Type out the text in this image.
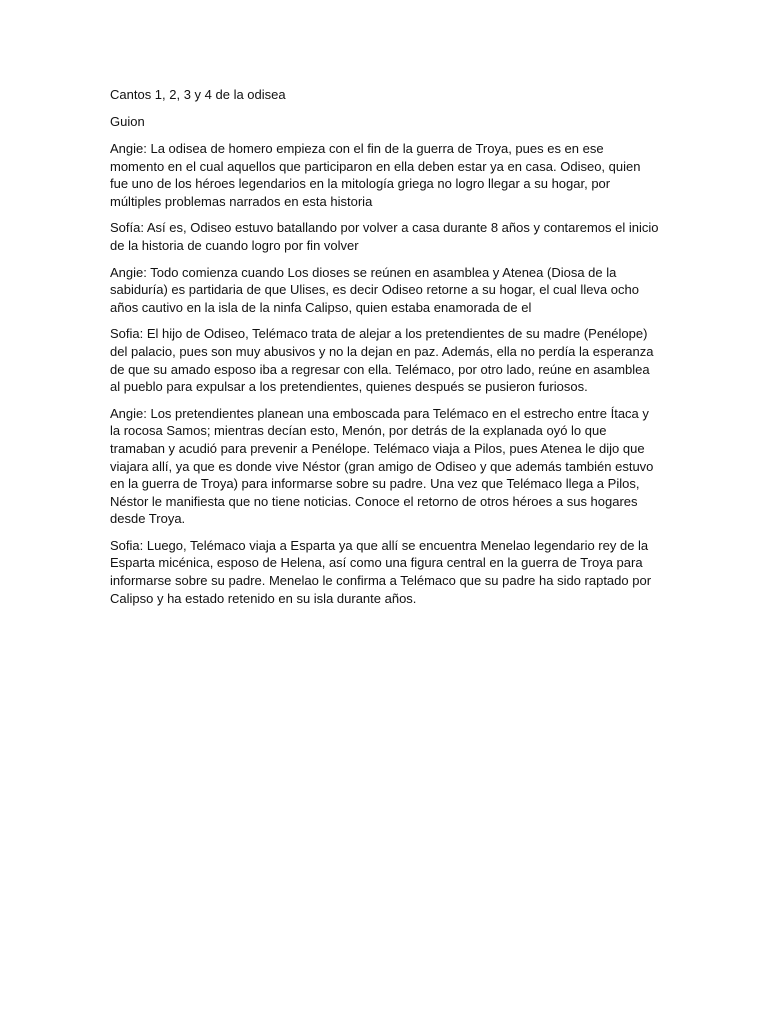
Cantos 1, 2, 3 y 4 de la odisea

Guion

Angie: La odisea de homero empieza con el fin de la guerra de Troya, pues es en ese momento en el cual aquellos que participaron en ella deben estar ya en casa. Odiseo, quien fue uno de los héroes legendarios en la mitología griega no logro llegar a su hogar, por múltiples problemas narrados en esta historia

Sofía: Así es, Odiseo estuvo batallando por volver a casa durante 8 años y contaremos el inicio de la historia de cuando logro por fin volver

Angie: Todo comienza cuando Los dioses se reúnen en asamblea y Atenea (Diosa de la sabiduría) es partidaria de que Ulises, es decir Odiseo retorne a su hogar, el cual lleva ocho años cautivo en la isla de la ninfa Calipso, quien estaba enamorada de el

Sofia: El hijo de Odiseo, Telémaco trata de alejar a los pretendientes de su madre (Penélope) del palacio, pues son muy abusivos y no la dejan en paz. Además, ella no perdía la esperanza de que su amado esposo iba a regresar con ella. Telémaco, por otro lado, reúne en asamblea al pueblo para expulsar a los pretendientes, quienes después se pusieron furiosos.

Angie: Los pretendientes planean una emboscada para Telémaco en el estrecho entre Ítaca y la rocosa Samos; mientras decían esto, Menón, por detrás de la explanada oyó lo que tramaban y acudió para prevenir a Penélope. Telémaco viaja a Pilos, pues Atenea le dijo que viajara allí, ya que es donde vive Néstor (gran amigo de Odiseo y que además también estuvo en la guerra de Troya) para informarse sobre su padre. Una vez que Telémaco llega a Pilos, Néstor le manifiesta que no tiene noticias. Conoce el retorno de otros héroes a sus hogares desde Troya.

Sofia: Luego, Telémaco viaja a Esparta ya que allí se encuentra Menelao legendario rey de la Esparta micénica, esposo de Helena, así como una figura central en la guerra de Troya para informarse sobre su padre. Menelao le confirma a Telémaco que su padre ha sido raptado por Calipso y ha estado retenido en su isla durante años.
